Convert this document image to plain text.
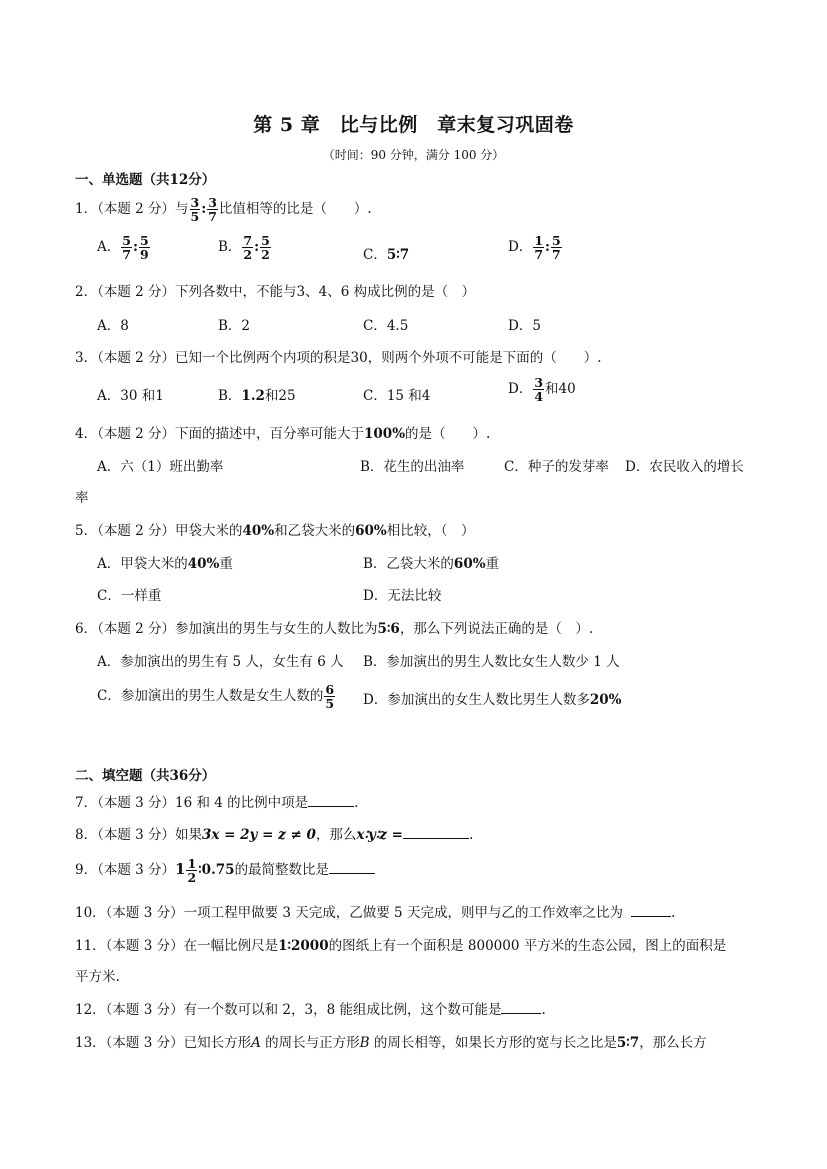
第 5 章　比与比例　章末复习巩固卷
（时间：90 分钟，满分 100 分）
一、单选题（共12分）
1．（本题 2 分）与 $\frac{3}{5}$ : $\frac{3}{7}$ 比值相等的比是（　　）.
A． $\frac{5}{7}$ : $\frac{5}{9}$	B． $\frac{7}{2}$ : $\frac{5}{2}$	C．5∶7	D． $\frac{1}{7}$ : $\frac{5}{7}$
2．（本题 2 分）下列各数中，不能与3、4、6 构成比例的是（　）
A．8	B．2	C．4.5	D．5
3．（本题 2 分）已知一个比例两个内项的积是30，则两个外项不可能是下面的（　　）.
A．30 和1	B．1.2和25	C．15 和4	D． $\frac{3}{4}$ 和40
4．（本题 2 分）下面的描述中，百分率可能大于100%的是（　　）.
A．六（1）班出勤率	B．花生的出油率	C．种子的发芽率 D．农民收入的增长
率
5．（本题 2 分）甲袋大米的40%和乙袋大米的60%相比较，（　）
A．甲袋大米的40%重	B．乙袋大米的60%重
C．一样重	D．无法比较
6．（本题 2 分）参加演出的男生与女生的人数比为5∶6，那么下列说法正确的是（　）.
A．参加演出的男生有 5 人，女生有 6 人 B．参加演出的男生人数比女生人数少 1 人
C．参加演出的男生人数是女生人数的 $\frac{6}{5}$ D．参加演出的女生人数比男生人数多20%
二、填空题（共36分）
7．（本题 3 分）16 和 4 的比例中项是	.
8．（本题 3 分）如果3x = 2y = z ≠ 0，那么x∶y∶z =	.
9．（本题 3 分）$1 \frac{1}{2}$ ∶0.75的最简整数比是
10．（本题 3 分）一项工程甲做要 3 天完成，乙做要 5 天完成，则甲与乙的工作效率之比为	.
11．（本题 3 分）在一幅比例尺是1∶2000的图纸上有一个面积是 800000 平方米的生态公园，图上的面积是
平方米.
12．（本题 3 分）有一个数可以和 2，3，8 能组成比例，这个数可能是	.
13．（本题 3 分）已知长方形A 的周长与正方形B 的周长相等，如果长方形的宽与长之比是5∶7，那么长方
